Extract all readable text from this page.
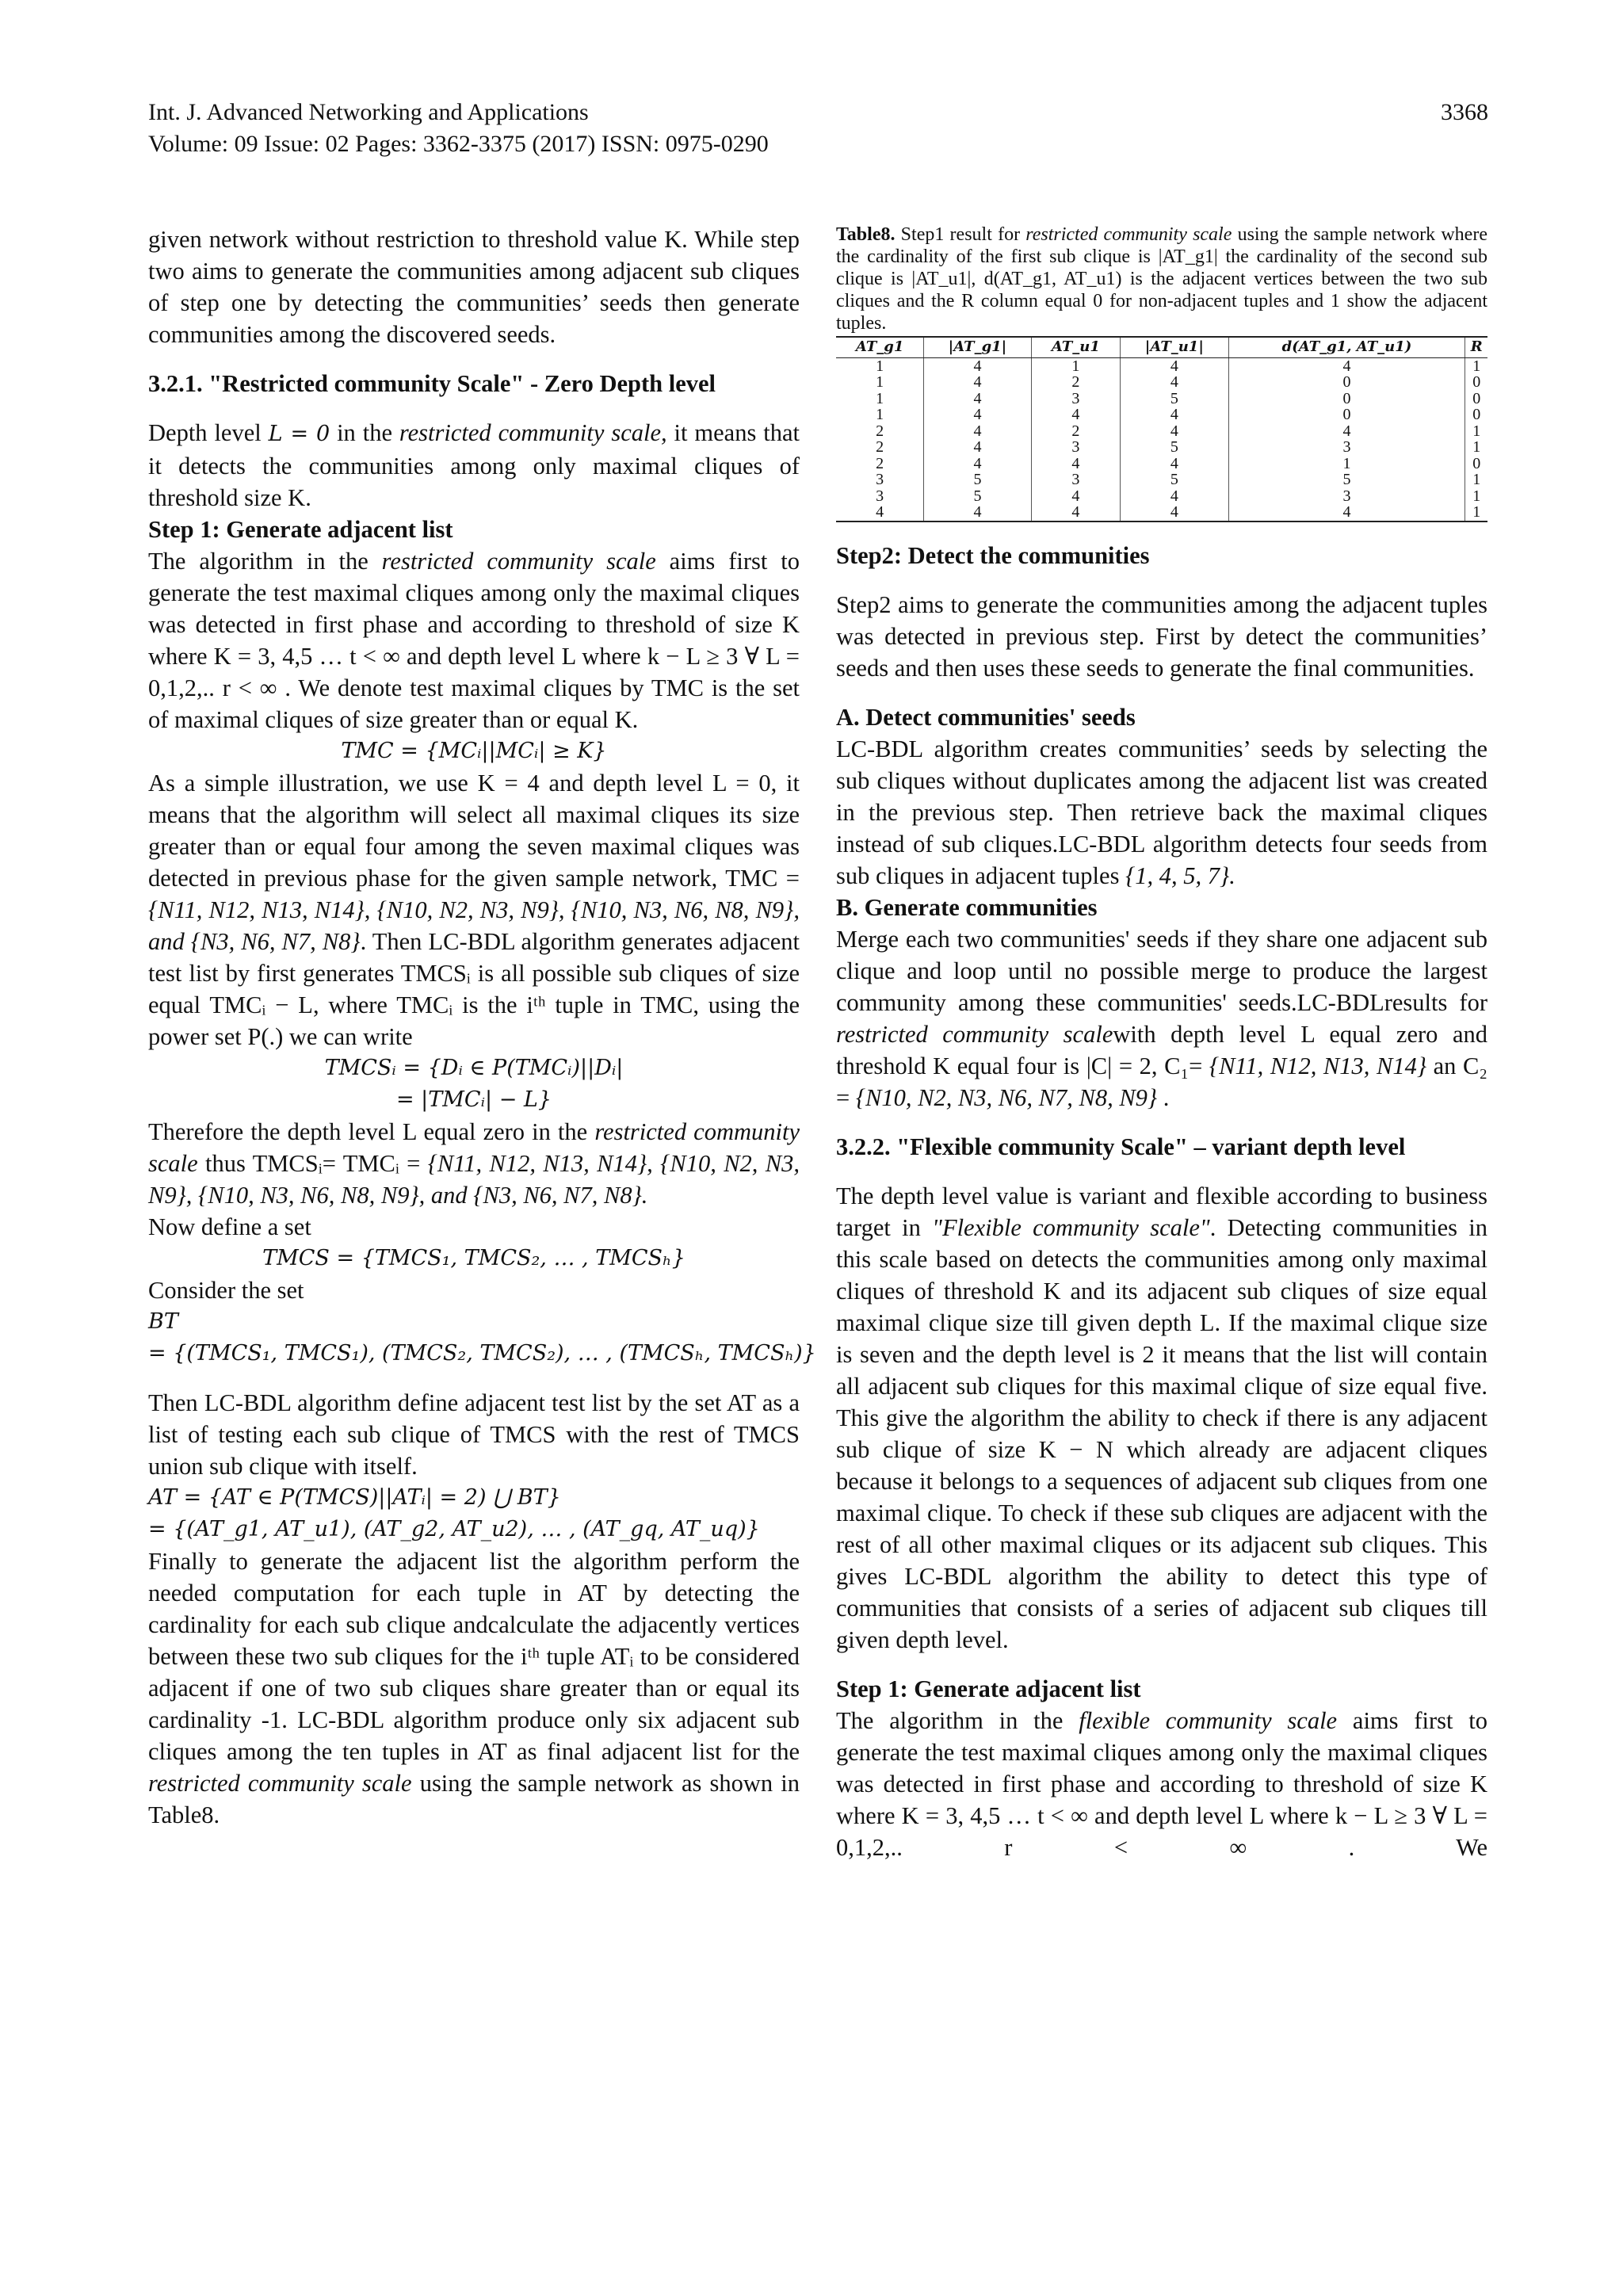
Int. J. Advanced Networking and Applications
Volume: 09 Issue: 02 Pages: 3362-3375 (2017) ISSN: 0975-0290
3368

given network without restriction to threshold value K. While step two aims to generate the communities among adjacent sub cliques of step one by detecting the communities’ seeds then generate communities among the discovered seeds.

3.2.1. "Restricted community Scale" - Zero Depth level

Depth level L = 0 in the restricted community scale, it means that it detects the communities among only maximal cliques of threshold size K.

Step 1: Generate adjacent list

The algorithm in the restricted community scale aims first to generate the test maximal cliques among only the maximal cliques was detected in first phase and according to threshold of size K where K = 3, 4,5 … t < ∞ and depth level L where k − L ≥ 3 ∀ L = 0,1,2,.. r < ∞ . We denote test maximal cliques by TMC is the set of maximal cliques of size greater than or equal K.

TMC = {MCᵢ||MCᵢ| ≥ K}

As a simple illustration, we use K = 4 and depth level L = 0, it means that the algorithm will select all maximal cliques its size greater than or equal four among the seven maximal cliques was detected in previous phase for the given sample network, TMC = {N11, N12, N13, N14}, {N10, N2, N3, N9}, {N10, N3, N6, N8, N9}, and {N3, N6, N7, N8}. Then LC-BDL algorithm generates adjacent test list by first generates TMCSᵢ is all possible sub cliques of size equal TMCᵢ − L, where TMCᵢ is the iᵗʰ tuple in TMC, using the power set P(.) we can write

TMCSᵢ = {Dᵢ ∈ P(TMCᵢ)||Dᵢ|

= |TMCᵢ| − L}

Therefore the depth level L equal zero in the restricted community scale thus TMCSᵢ= TMCᵢ = {N11, N12, N13, N14}, {N10, N2, N3, N9}, {N10, N3, N6, N8, N9}, and {N3, N6, N7, N8}.

Now define a set

TMCS = {TMCS₁, TMCS₂, … , TMCSₕ}

Consider the set

BT

= {(TMCS₁, TMCS₁), (TMCS₂, TMCS₂), … , (TMCSₕ, TMCSₕ)}

Then LC-BDL algorithm define adjacent test list by the set AT as a list of testing each sub clique of TMCS with the rest of TMCS union sub clique with itself.

AT = {AT ∈ P(TMCS)||ATᵢ| = 2) ⋃ BT}

= {(AT_g1, AT_u1), (AT_g2, AT_u2), … , (AT_gq, AT_uq)}

Finally to generate the adjacent list the algorithm perform the needed computation for each tuple in AT by detecting the cardinality for each sub clique andcalculate the adjacently vertices between these two sub cliques for the iᵗʰ tuple ATᵢ to be considered adjacent if one of two sub cliques share greater than or equal its cardinality -1. LC-BDL algorithm produce only six adjacent sub cliques among the ten tuples in AT as final adjacent list for the restricted community scale using the sample network as shown in Table8.

Table8. Step1 result for restricted community scale using the sample network where the cardinality of the first sub clique is |AT_g1| the cardinality of the second sub clique is |AT_u1|, d(AT_g1, AT_u1) is the adjacent vertices between the two sub cliques and the R column equal 0 for non-adjacent tuples and 1 show the adjacent tuples.

AT_g1	|AT_g1|	AT_u1	|AT_u1|	d(AT_g1, AT_u1)	R
1	4	1	4	4	1
1	4	2	4	0	0
1	4	3	5	0	0
1	4	4	4	0	0
2	4	2	4	4	1
2	4	3	5	3	1
2	4	4	4	1	0
3	5	3	5	5	1
3	5	4	4	3	1
4	4	4	4	4	1

Step2: Detect the communities

Step2 aims to generate the communities among the adjacent tuples was detected in previous step. First by detect the communities’ seeds and then uses these seeds to generate the final communities.

A. Detect communities' seeds

LC-BDL algorithm creates communities’ seeds by selecting the sub cliques without duplicates among the adjacent list was created in the previous step. Then retrieve back the maximal cliques instead of sub cliques.LC-BDL algorithm detects four seeds from sub cliques in adjacent tuples {1, 4, 5, 7}.

B. Generate communities

Merge each two communities' seeds if they share one adjacent sub clique and loop until no possible merge to produce the largest community among these communities' seeds.LC-BDLresults for restricted community scalewith depth level L equal zero and threshold K equal four is |C| = 2, C₁= {N11, N12, N13, N14} an C₂ = {N10, N2, N3, N6, N7, N8, N9} .

3.2.2. "Flexible community Scale" – variant depth level

The depth level value is variant and flexible according to business target in "Flexible community scale". Detecting communities in this scale based on detects the communities among only maximal cliques of threshold K and its adjacent sub cliques of size equal maximal clique size till given depth L. If the maximal clique size is seven and the depth level is 2 it means that the list will contain all adjacent sub cliques for this maximal clique of size equal five. This give the algorithm the ability to check if there is any adjacent sub clique of size K − N which already are adjacent cliques because it belongs to a sequences of adjacent sub cliques from one maximal clique. To check if these sub cliques are adjacent with the rest of all other maximal cliques or its adjacent sub cliques. This gives LC-BDL algorithm the ability to detect this type of communities that consists of a series of adjacent sub cliques till given depth level.

Step 1: Generate adjacent list

The algorithm in the flexible community scale aims first to generate the test maximal cliques among only the maximal cliques was detected in first phase and according to threshold of size K where K = 3, 4,5 … t < ∞ and depth level L where k − L ≥ 3 ∀ L = 0,1,2,.. r < ∞ . We
